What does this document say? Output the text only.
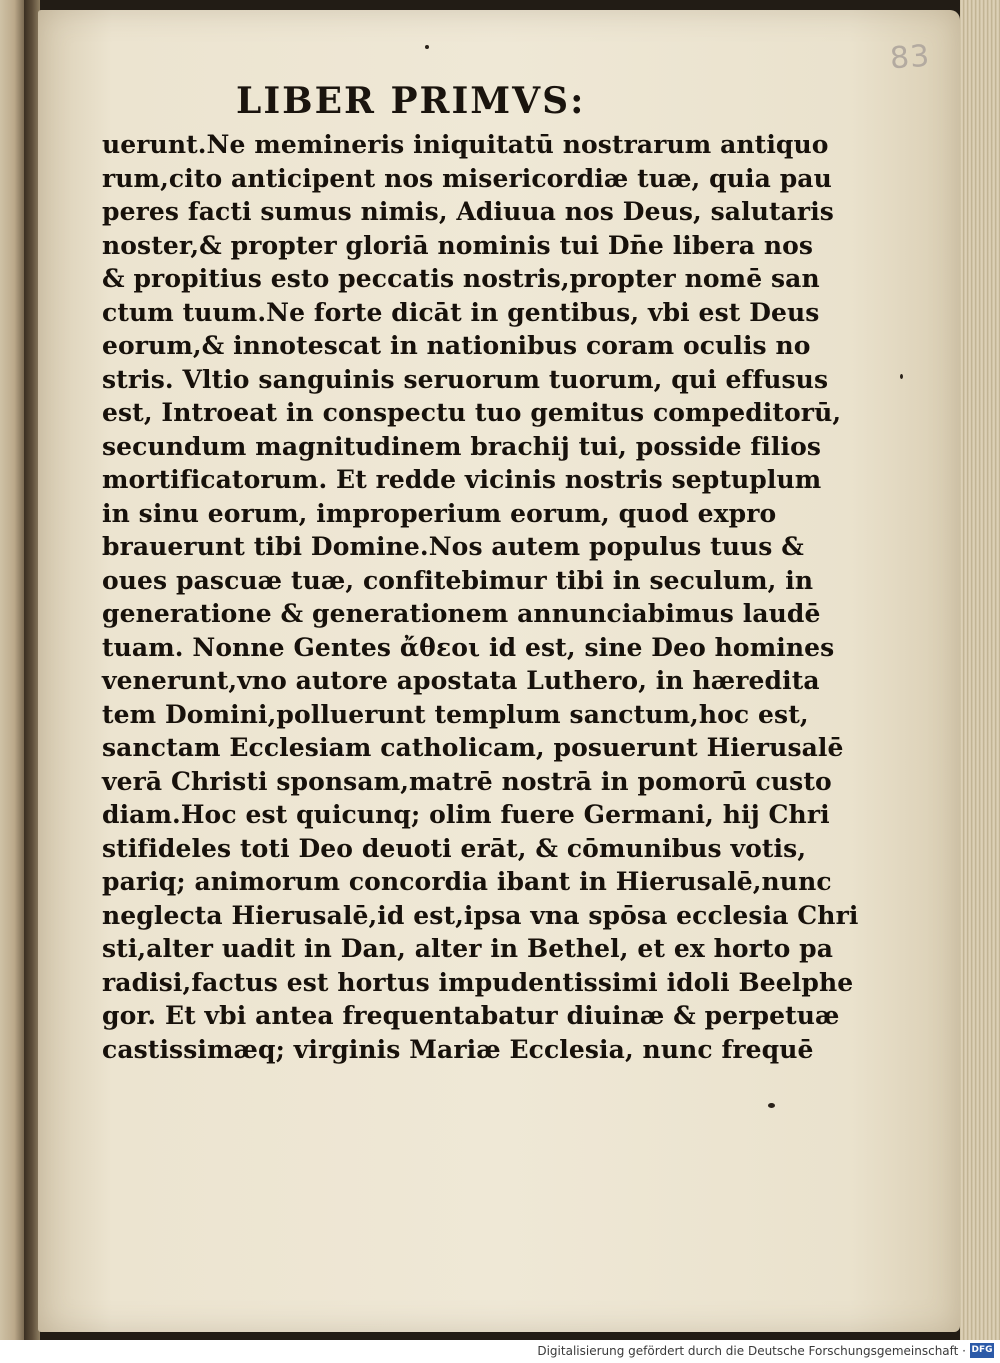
83
LIBER PRIMVS:
uerunt.Ne memineris iniquitatū nostrarum antiquo
rum,cito anticipent nos misericordiæ tuæ, quia pau
peres facti sumus nimis, Adiuua nos Deus, salutaris
noster,& propter gloriā nominis tui Dn̄e libera nos
& propitius esto peccatis nostris,propter nomē san
ctum tuum.Ne forte dicāt in gentibus, vbi est Deus
eorum,& innotescat in nationibus coram oculis no
stris. Vltio sanguinis seruorum tuorum, qui effusus
est, Introeat in conspectu tuo gemitus compeditorū,
secundum magnitudinem brachij tui, posside filios
mortificatorum. Et redde vicinis nostris septuplum
in sinu eorum, improperium eorum, quod expro
brauerunt tibi Domine.Nos autem populus tuus &
oues pascuæ tuæ, confitebimur tibi in seculum, in
generatione & generationem annunciabimus laudē
tuam. Nonne Gentes ἄθεοι id est, sine Deo homines
venerunt,vno autore apostata Luthero, in hæredita
tem Domini,polluerunt templum sanctum,hoc est,
sanctam Ecclesiam catholicam, posuerunt Hierusalē
verā Christi sponsam,matrē nostrā in pomorū custo
diam.Hoc est quicunq; olim fuere Germani, hij Chri
stifideles toti Deo deuoti erāt, & cōmunibus votis,
pariq; animorum concordia ibant in Hierusalē,nunc
neglecta Hierusalē,id est,ipsa vna spōsa ecclesia Chri
sti,alter uadit in Dan, alter in Bethel, et ex horto pa
radisi,factus est hortus impudentissimi idoli Beelphe
gor. Et vbi antea frequentabatur diuinæ & perpetuæ
castissimæq; virginis Mariæ Ecclesia, nunc frequē
Digitalisierung gefördert durch die Deutsche Forschungsgemeinschaft · DFG
